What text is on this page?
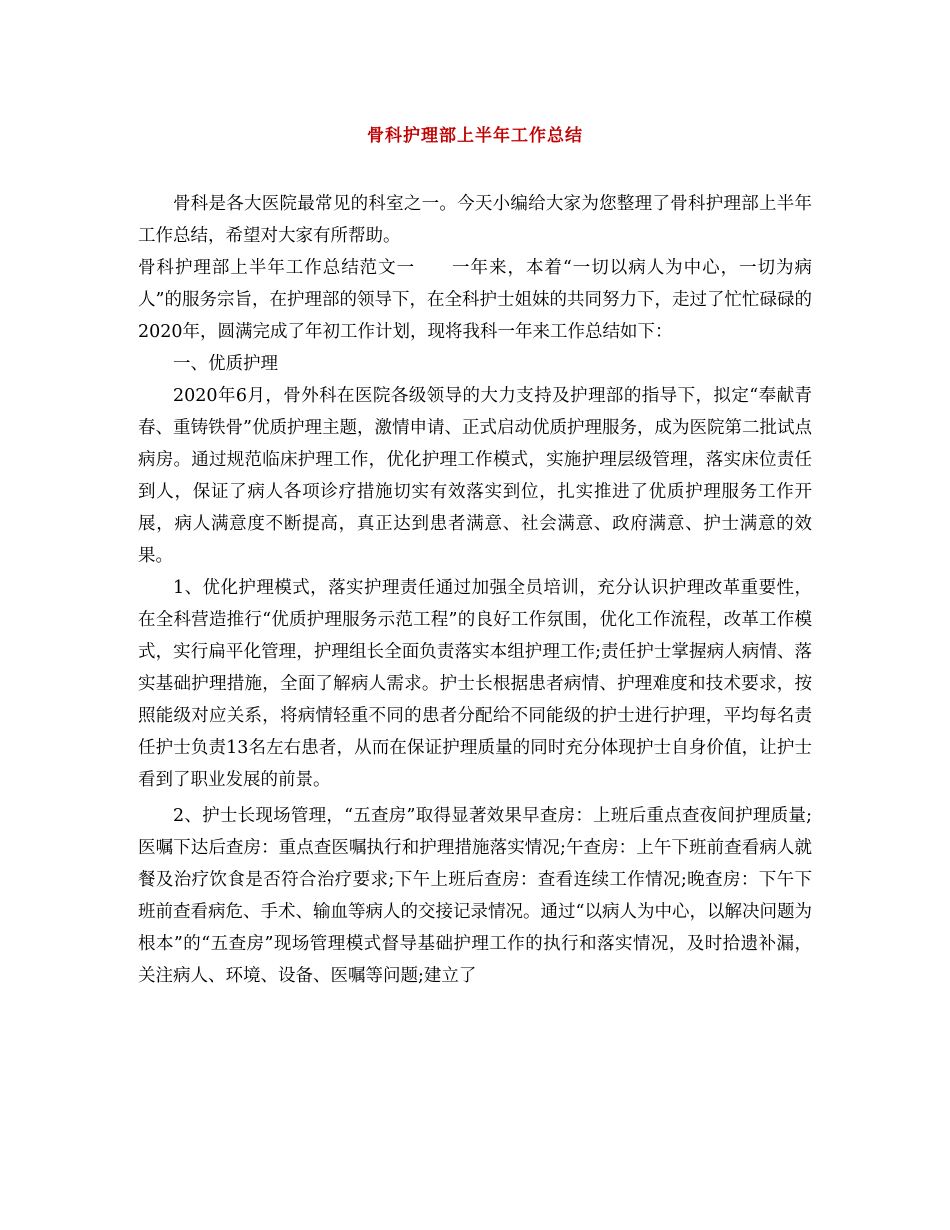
骨科护理部上半年工作总结

骨科是各大医院最常见的科室之一。今天小编给大家为您整理了骨科护理部上半年工作总结，希望对大家有所帮助。

骨科护理部上半年工作总结范文一　　一年来，本着“一切以病人为中心，一切为病人”的服务宗旨，在护理部的领导下，在全科护士姐妹的共同努力下，走过了忙忙碌碌的2020年，圆满完成了年初工作计划，现将我科一年来工作总结如下：

一、优质护理

2020年6月，骨外科在医院各级领导的大力支持及护理部的指导下，拟定“奉献青春、重铸铁骨”优质护理主题，激情申请、正式启动优质护理服务，成为医院第二批试点病房。通过规范临床护理工作，优化护理工作模式，实施护理层级管理，落实床位责任到人，保证了病人各项诊疗措施切实有效落实到位，扎实推进了优质护理服务工作开展，病人满意度不断提高，真正达到患者满意、社会满意、政府满意、护士满意的效果。

1、优化护理模式，落实护理责任通过加强全员培训，充分认识护理改革重要性，在全科营造推行“优质护理服务示范工程”的良好工作氛围，优化工作流程，改革工作模式，实行扁平化管理，护理组长全面负责落实本组护理工作;责任护士掌握病人病情、落实基础护理措施，全面了解病人需求。护士长根据患者病情、护理难度和技术要求，按照能级对应关系，将病情轻重不同的患者分配给不同能级的护士进行护理，平均每名责任护士负责13名左右患者，从而在保证护理质量的同时充分体现护士自身价值，让护士看到了职业发展的前景。

2、护士长现场管理，“五查房”取得显著效果早查房：上班后重点查夜间护理质量;医嘱下达后查房：重点查医嘱执行和护理措施落实情况;午查房：上午下班前查看病人就餐及治疗饮食是否符合治疗要求;下午上班后查房：查看连续工作情况;晚查房：下午下班前查看病危、手术、输血等病人的交接记录情况。通过“以病人为中心，以解决问题为根本”的“五查房”现场管理模式督导基础护理工作的执行和落实情况，及时拾遗补漏，关注病人、环境、设备、医嘱等问题;建立了
